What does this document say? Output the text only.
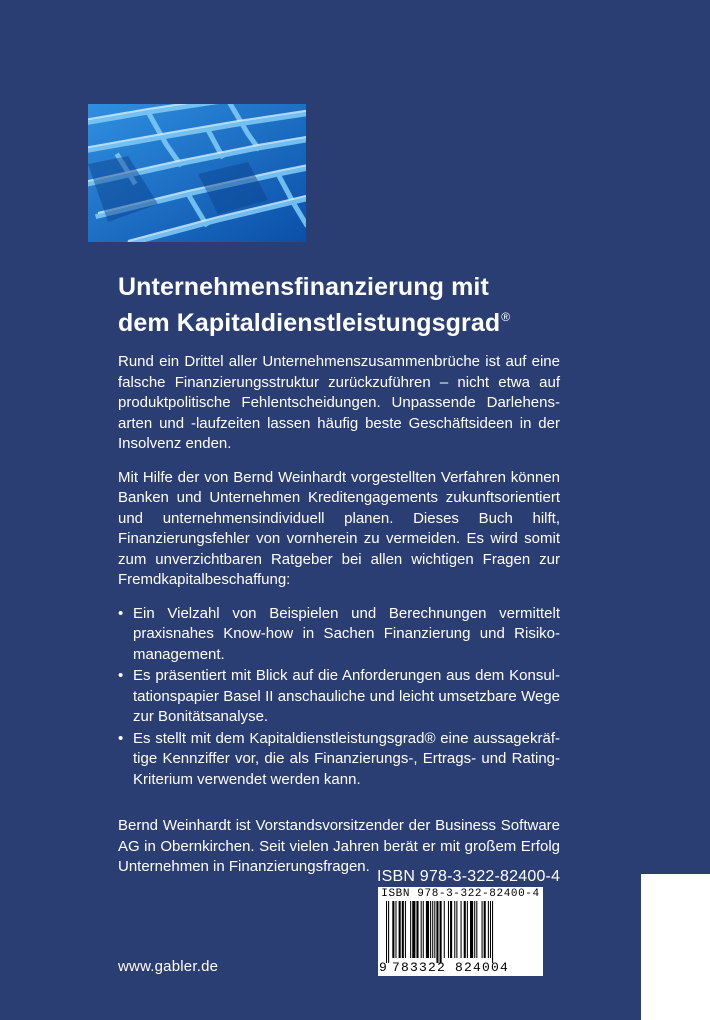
Unternehmensfinanzierung mit
dem Kapitaldienstleistungsgrad®

Rund ein Drittel aller Unternehmenszusammenbrüche ist auf eine falsche Finanzierungsstruktur zurückzuführen – nicht etwa auf produktpolitische Fehlentscheidungen. Unpassende Darlehensarten und -laufzeiten lassen häufig beste Geschäftsideen in der Insolvenz enden.

Mit Hilfe der von Bernd Weinhardt vorgestellten Verfahren können Banken und Unternehmen Kreditengagements zukunftsorientiert und unternehmensindividuell planen. Dieses Buch hilft, Finanzierungsfehler von vornherein zu vermeiden. Es wird somit zum unverzichtbaren Ratgeber bei allen wichtigen Fragen zur Fremdkapitalbeschaffung:

• Ein Vielzahl von Beispielen und Berechnungen vermittelt praxisnahes Know-how in Sachen Finanzierung und Risikomanagement.
• Es präsentiert mit Blick auf die Anforderungen aus dem Konsultationspapier Basel II anschauliche und leicht umsetzbare Wege zur Bonitätsanalyse.
• Es stellt mit dem Kapitaldienstleistungsgrad® eine aussagekräftige Kennziffer vor, die als Finanzierungs-, Ertrags- und Rating-Kriterium verwendet werden kann.

Bernd Weinhardt ist Vorstandsvorsitzender der Business Software AG in Obernkirchen. Seit vielen Jahren berät er mit großem Erfolg Unternehmen in Finanzierungsfragen.

ISBN 978-3-322-82400-4
ISBN 978-3-322-82400-4
9 783322 824004
www.gabler.de
